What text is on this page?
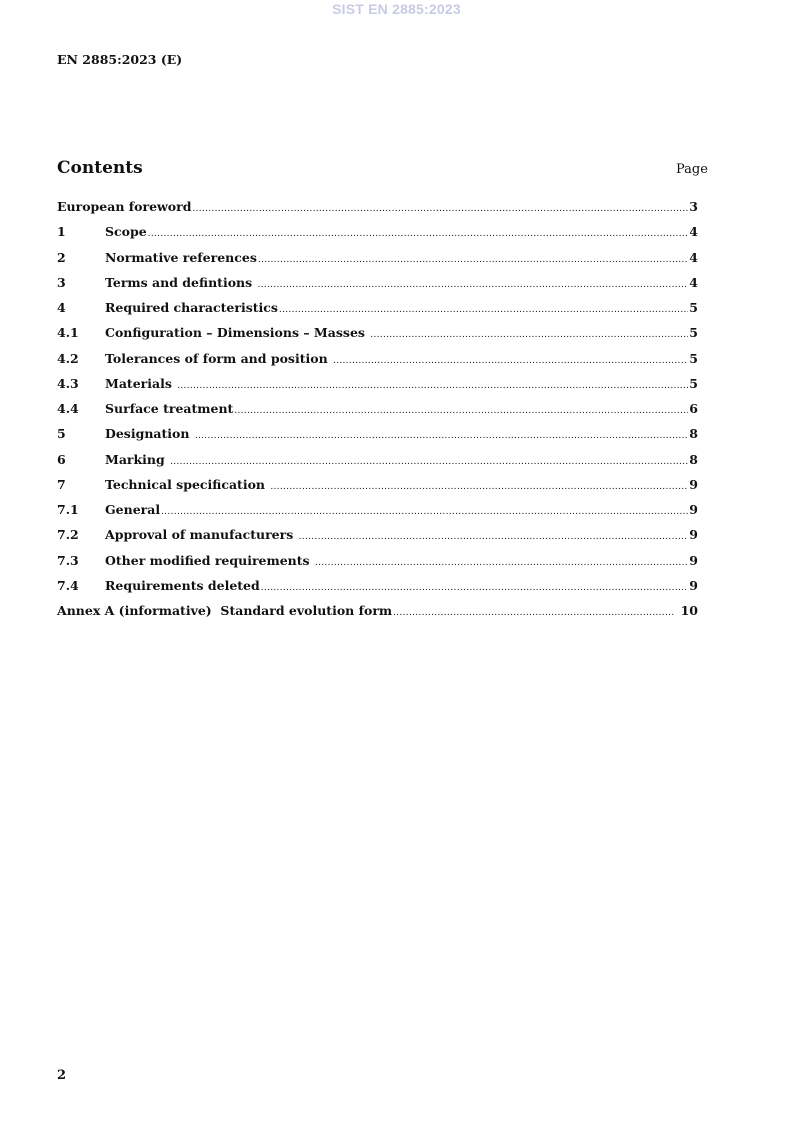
SIST EN 2885:2023
EN 2885:2023 (E)
Contents	Page
European foreword .....	3
1	Scope .....	4
2	Normative references .....	4
3	Terms and defintions .....	4
4	Required characteristics .....	5
4.1	Configuration – Dimensions – Masses .....	5
4.2	Tolerances of form and position .....	5
4.3	Materials .....	5
4.4	Surface treatment .....	6
5	Designation .....	8
6	Marking .....	8
7	Technical specification .....	9
7.1	General .....	9
7.2	Approval of manufacturers .....	9
7.3	Other modified requirements .....	9
7.4	Requirements deleted .....	9
Annex A (informative)  Standard evolution form .....	10
2
